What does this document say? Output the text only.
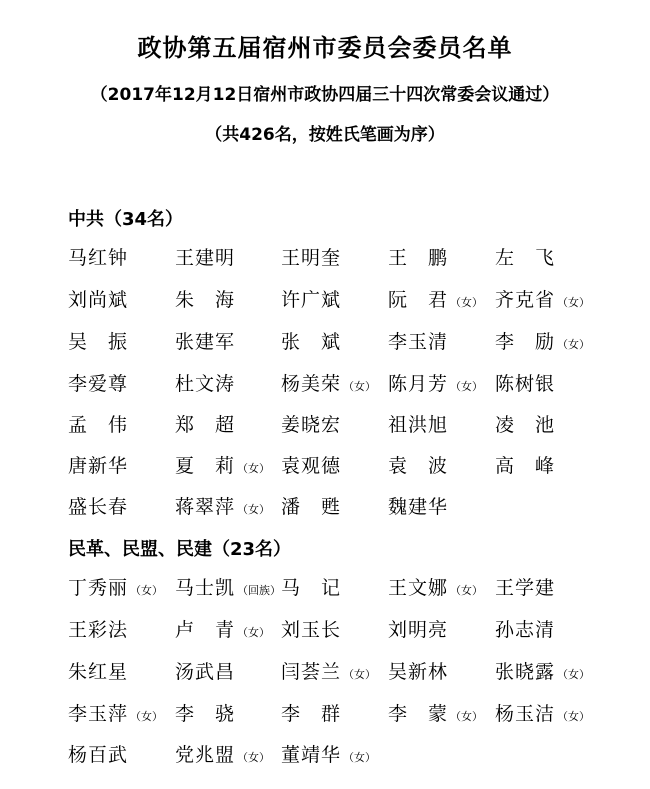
政协第五届宿州市委员会委员名单
（2017年12月12日宿州市政协四届三十四次常委会议通过）
（共426名，按姓氏笔画为序）
中共（34名）
民革、民盟、民建（23名）
马红钟 王建明 王明奎 王　鹏 左　飞
刘尚斌 朱　海 许广斌 阮　君 （女） 齐克省 （女）
吴　振 张建军 张　斌 李玉清 李　励 （女）
李爱尊 杜文涛 杨美荣 （女） 陈月芳 （女） 陈树银
孟　伟 郑　超 姜晓宏 祖洪旭 凌　池
唐新华 夏　莉 （女） 袁观德 袁　波 高　峰
盛长春 蒋翠萍 （女） 潘　甦 魏建华
丁秀丽 （女） 马士凯 （回族） 马　记 王文娜 （女） 王学建
王彩法 卢　青 （女） 刘玉长 刘明亮 孙志清
朱红星 汤武昌 闫荟兰 （女） 吴新林 张晓露 （女）
李玉萍 （女） 李　骁 李　群 李　蒙 （女） 杨玉洁 （女）
杨百武 党兆盟 （女） 董靖华 （女）
